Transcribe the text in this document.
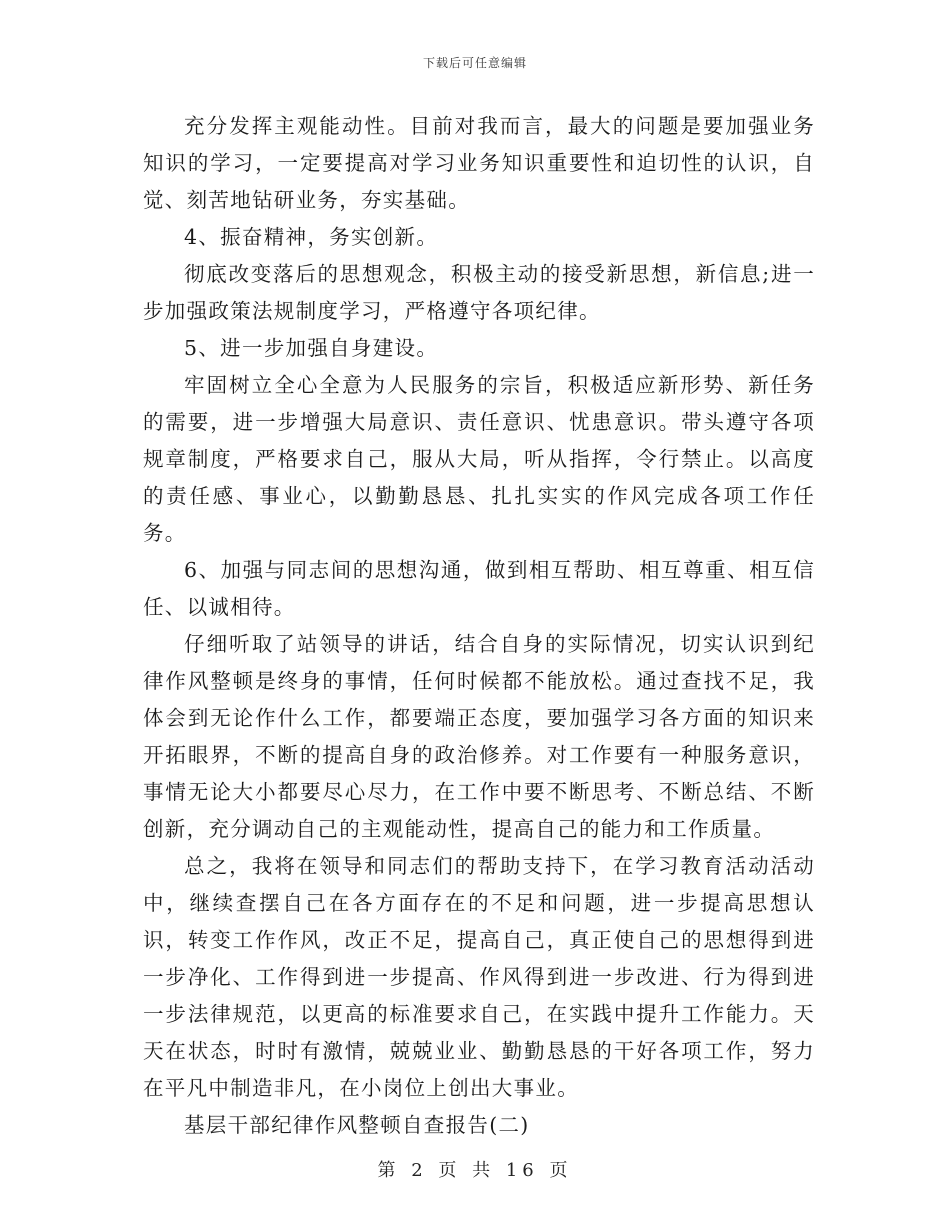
下载后可任意编辑

充分发挥主观能动性。目前对我而言，最大的问题是要加强业务知识的学习，一定要提高对学习业务知识重要性和迫切性的认识，自觉、刻苦地钻研业务，夯实基础。

4、振奋精神，务实创新。

彻底改变落后的思想观念，积极主动的接受新思想，新信息;进一步加强政策法规制度学习，严格遵守各项纪律。

5、进一步加强自身建设。

牢固树立全心全意为人民服务的宗旨，积极适应新形势、新任务的需要，进一步增强大局意识、责任意识、忧患意识。带头遵守各项规章制度，严格要求自己，服从大局，听从指挥，令行禁止。以高度的责任感、事业心，以勤勤恳恳、扎扎实实的作风完成各项工作任务。

6、加强与同志间的思想沟通，做到相互帮助、相互尊重、相互信任、以诚相待。

仔细听取了站领导的讲话，结合自身的实际情况，切实认识到纪律作风整顿是终身的事情，任何时候都不能放松。通过查找不足，我体会到无论作什么工作，都要端正态度，要加强学习各方面的知识来开拓眼界，不断的提高自身的政治修养。对工作要有一种服务意识，事情无论大小都要尽心尽力，在工作中要不断思考、不断总结、不断创新，充分调动自己的主观能动性，提高自己的能力和工作质量。

总之，我将在领导和同志们的帮助支持下，在学习教育活动活动中，继续查摆自己在各方面存在的不足和问题，进一步提高思想认识，转变工作作风，改正不足，提高自己，真正使自己的思想得到进一步净化、工作得到进一步提高、作风得到进一步改进、行为得到进一步法律规范，以更高的标准要求自己，在实践中提升工作能力。天天在状态，时时有激情，兢兢业业、勤勤恳恳的干好各项工作，努力在平凡中制造非凡，在小岗位上创出大事业。

基层干部纪律作风整顿自查报告(二)

第 2 页 共 16 页
